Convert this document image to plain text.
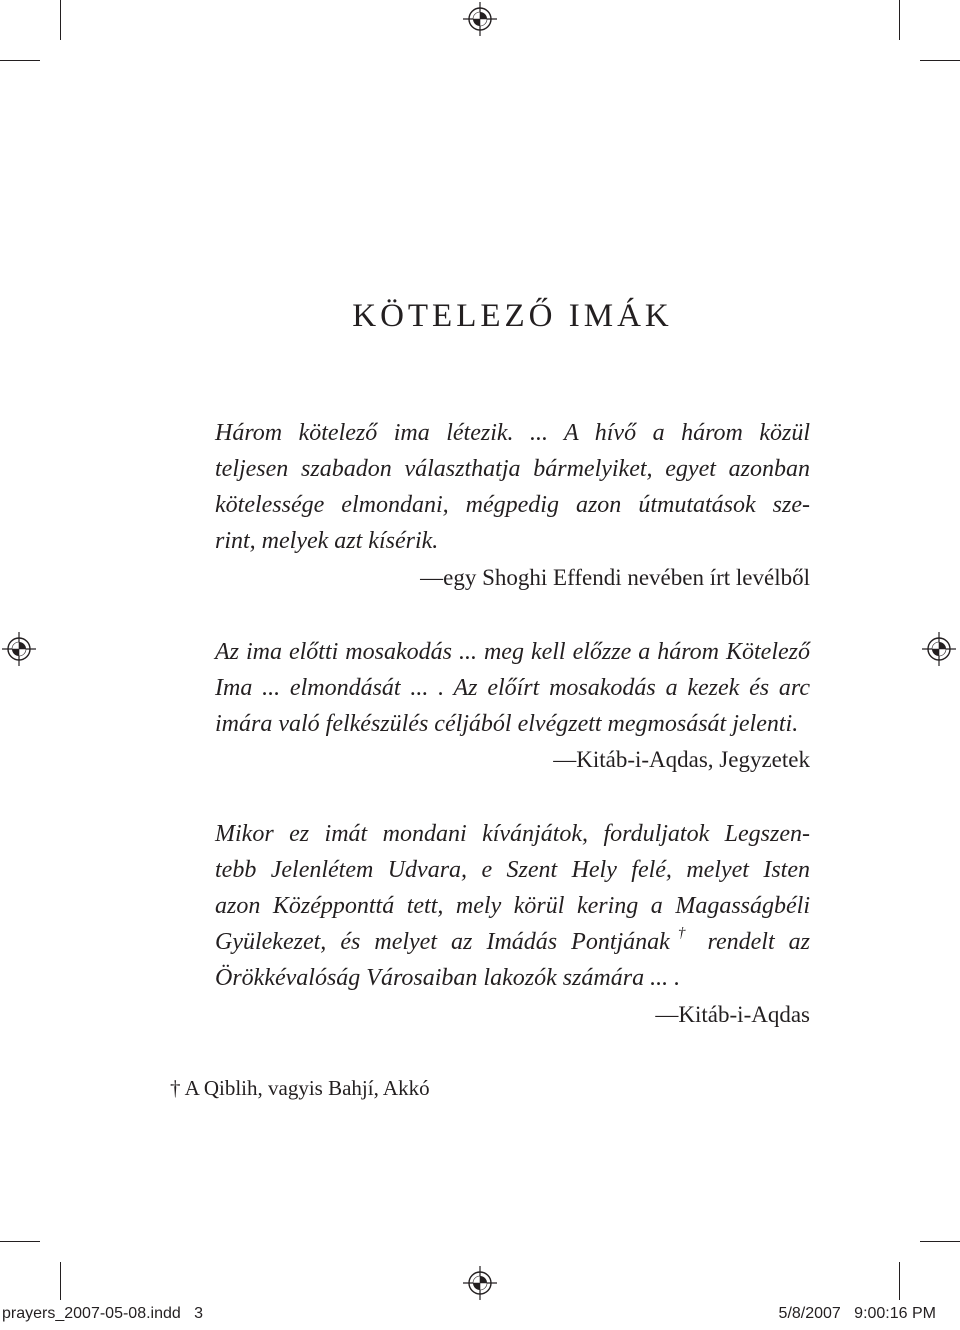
KÖTELEZŐ IMÁK
Három kötelező ima létezik. ... A hívő a három közül
teljesen szabadon választhatja bármelyiket, egyet azonban
kötelessége elmondani, mégpedig azon útmutatások sze-
rint, melyek azt kísérik.
—egy Shoghi Effendi nevében írt levélből
Az ima előtti mosakodás ... meg kell előzze a három Kötelező
Ima ... elmondását ... . Az előírt mosakodás a kezek és arc
imára való felkészülés céljából elvégzett megmosását jelenti.
—Kitáb-i-Aqdas, Jegyzetek
Mikor ez imát mondani kívánjátok, forduljatok Legszen-
tebb Jelenlétem Udvara, e Szent Hely felé, melyet Isten
azon Középponttá tett, mely körül kering a Magasságbéli
Gyülekezet, és melyet az Imádás Pontjának† rendelt az
Örökkévalóság Városaiban lakozók számára ... .
—Kitáb-i-Aqdas
† A Qiblih, vagyis Bahjí, Akkó
prayers_2007-05-08.indd   3	5/8/2007   9:00:16 PM
